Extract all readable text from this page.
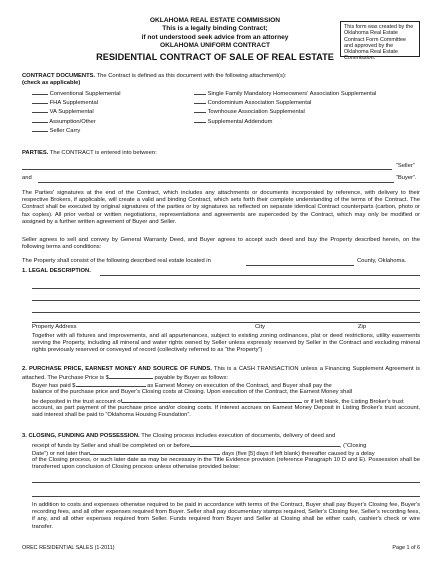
OKLAHOMA REAL ESTATE COMMISSION
This is a legally binding Contract;
if not understood seek advice from an attorney
OKLAHOMA UNIFORM CONTRACT
RESIDENTIAL CONTRACT OF SALE OF REAL ESTATE
This form was created by the Oklahoma Real Estate Contract Form Committee and approved by the Oklahoma Real Estate Commission.
CONTRACT DOCUMENTS. The Contract is defined as this document with the following attachment(s):
(check as applicable)
Conventional Supplemental
FHA Supplemental
VA Supplemental
Assumption/Other
Seller Carry
Single Family Mandatory Homeowners' Association Supplemental
Condominium Association Supplemental
Townhouse Association Supplemental
Supplemental Addendum
PARTIES. The CONTRACT is entered into between:
“Seller”
and	“Buyer”.
The Parties' signatures at the end of the Contract, which includes any attachments or documents incorporated by reference, with delivery to their respective Brokers, if applicable, will create a valid and binding Contract, which sets forth their complete understanding of the terms of the Contract. The Contract shall be executed by original signatures of the parties or by signatures as reflected on separate identical Contract counterparts (carbon, photo or fax copies). All prior verbal or written negotiations, representations and agreements are superceded by the Contract, which may only be modified or assigned by a further written agreement of Buyer and Seller.
Seller agrees to sell and convey by General Warranty Deed, and Buyer agrees to accept such deed and buy the Property described herein, on the following terms and conditions:
The Property shall consist of the following described real estate located in	County, Oklahoma.
1. LEGAL DESCRIPTION.
Property Address	City	Zip
Together with all fixtures and improvements, and all appurtenances, subject to existing zoning ordinances, plat or deed restrictions, utility easements serving the Property, including all mineral and water rights owned by Seller unless expressly reserved by Seller in the Contract and excluding mineral rights previously reserved or conveyed of record (collectively referred to as “the Property”)
2. PURCHASE PRICE, EARNEST MONEY AND SOURCE OF FUNDS. This is a CASH TRANSACTION unless a Financing Supplement Agreement is attached. The Purchase Price is $	payable by Buyer as follows:
Buyer has paid $	as Earnest Money on execution of the Contract, and Buyer shall pay the
balance of the purchase price and Buyer's Closing costs at Closing. Upon execution of the Contract, the Earnest Money shall
be deposited in the trust account of	or if left blank, the Listing Broker's trust
account, as part payment of the purchase price and/or closing costs. If interest accrues on Earnest Money Deposit in Listing Broker's trust account, said interest shall be paid to “Oklahoma Housing Foundation”.
3. CLOSING, FUNDING AND POSSESSION. The Closing process includes execution of documents, delivery of deed and
receipt of funds by Seller and shall be completed on or before	, (“Closing
Date”) or not later than	days (five [5] days if left blank) thereafter caused by a delay
of the Closing process, or such later date as may be necessary in the Title Evidence provision (reference Paragraph 10 D and E). Possession shall be transferred upon conclusion of Closing process unless otherwise provided below:
In addition to costs and expenses otherwise required to be paid in accordance with terms of the Contract, Buyer shall pay Buyer's Closing fee, Buyer's recording fees, and all other expenses required from Buyer. Seller shall pay documentary stamps required, Seller's Closing fee, Seller's recording fees, if any, and all other expenses required from Seller. Funds required from Buyer and Seller at Closing shall be either cash, cashier's check or wire transfer.
OREC RESIDENTIAL SALES (1-2011)	Page 1 of 6
